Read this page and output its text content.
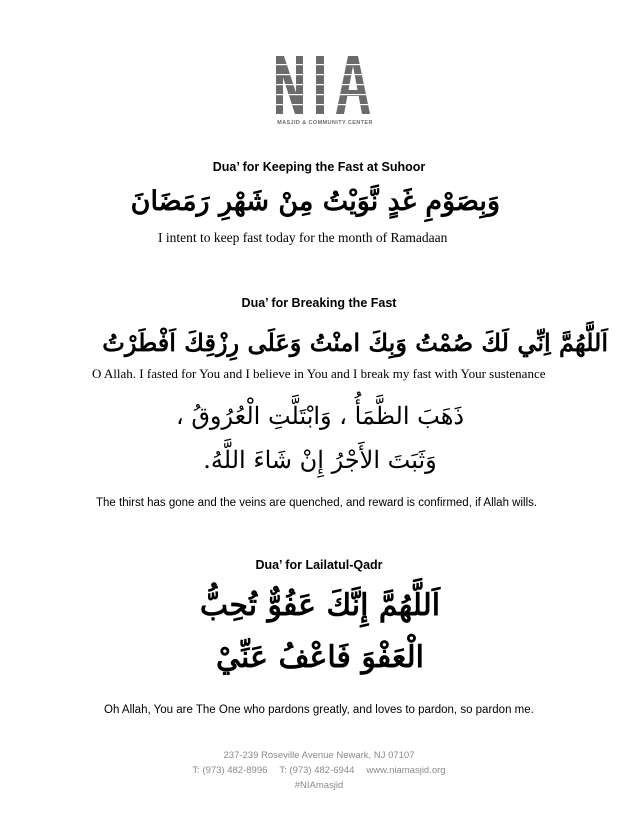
MASJID & COMMUNITY CENTER
Dua’ for Keeping the Fast at Suhoor
وَبِصَوْمِ غَدٍ نَّوَيْتُ مِنْ شَهْرِ رَمَضَانَ
I intent to keep fast today for the month of Ramadaan
Dua’ for Breaking the Fast
اَللَّهُمَّ اِنِّي لَكَ صُمْتُ وَبِكَ امنْتُ وَعَلَى رِزْقِكَ اَفْطَرْتُ
O Allah. I fasted for You and I believe in You and I break my fast with Your sustenance
ذَهَبَ الظَّمَأُ ، وَابْتَلَّتِ الْعُرُوقُ ،
وَثَبَتَ الأَجْرُ إِنْ شَاءَ اللَّهُ.
The thirst has gone and the veins are quenched, and reward is confirmed, if Allah wills.
Dua’ for Lailatul-Qadr
اَللَّهُمَّ إِنَّكَ عَفُوٌّ تُحِبُّ
الْعَفْوَ فَاعْفُ عَنِّيْ
Oh Allah, You are The One who pardons greatly, and loves to pardon, so pardon me.
237-239 Roseville Avenue Newark, NJ 07107
T: (973) 482-8996 T: (973) 482-6944 www.niamasjid.org
#NIAmasjid
